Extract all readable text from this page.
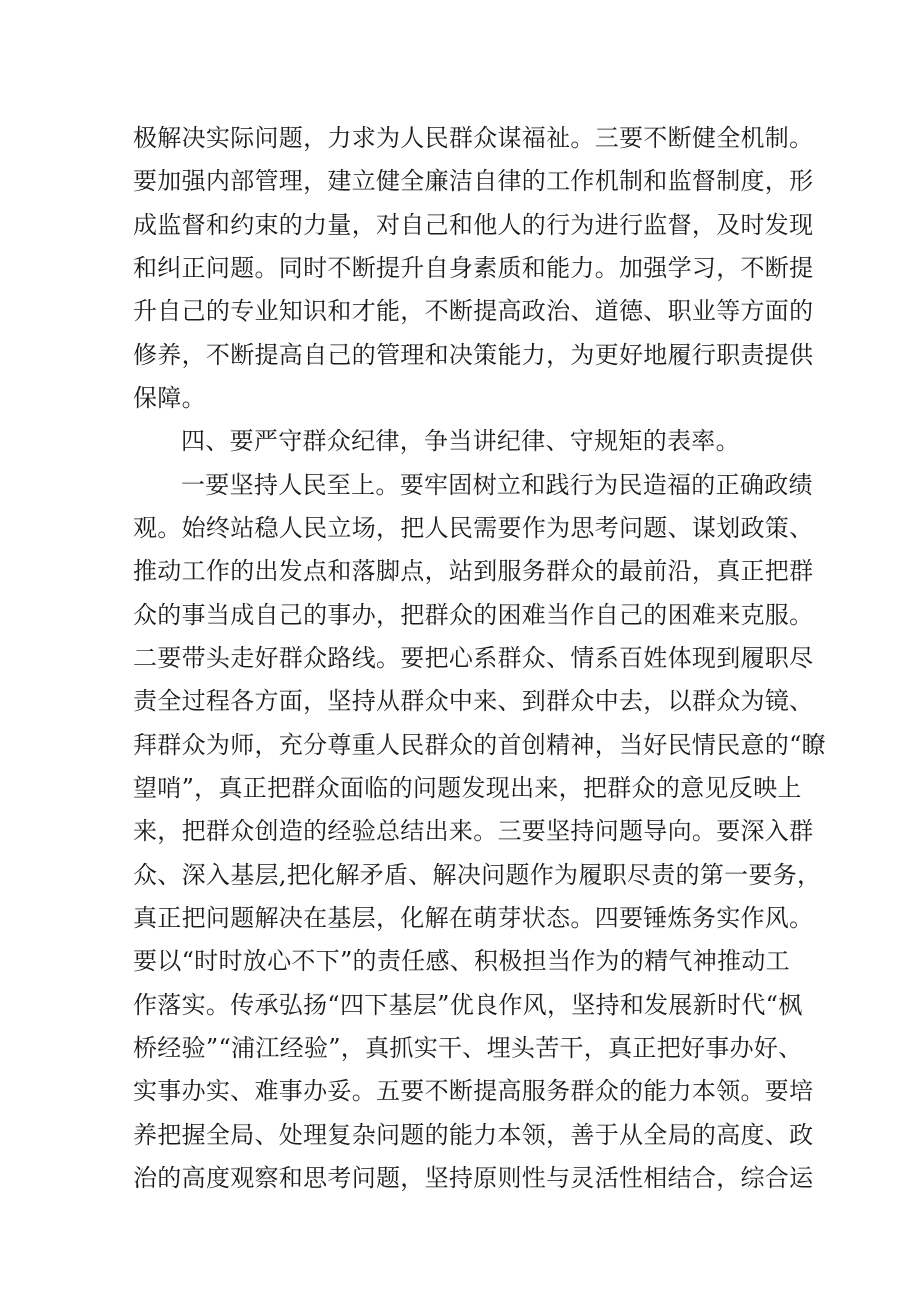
极解决实际问题，力求为人民群众谋福祉。三要不断健全机制。
要加强内部管理，建立健全廉洁自律的工作机制和监督制度，形
成监督和约束的力量，对自己和他人的行为进行监督，及时发现
和纠正问题。同时不断提升自身素质和能力。加强学习，不断提
升自己的专业知识和才能，不断提高政治、道德、职业等方面的
修养，不断提高自己的管理和决策能力，为更好地履行职责提供
保障。
四、要严守群众纪律，争当讲纪律、守规矩的表率。
一要坚持人民至上。要牢固树立和践行为民造福的正确政绩
观。始终站稳人民立场，把人民需要作为思考问题、谋划政策、
推动工作的出发点和落脚点，站到服务群众的最前沿，真正把群
众的事当成自己的事办，把群众的困难当作自己的困难来克服。
二要带头走好群众路线。要把心系群众、情系百姓体现到履职尽
责全过程各方面，坚持从群众中来、到群众中去，以群众为镜、
拜群众为师，充分尊重人民群众的首创精神，当好民情民意的“瞭
望哨”，真正把群众面临的问题发现出来，把群众的意见反映上
来，把群众创造的经验总结出来。三要坚持问题导向。要深入群
众、深入基层,把化解矛盾、解决问题作为履职尽责的第一要务，
真正把问题解决在基层，化解在萌芽状态。四要锤炼务实作风。
要以“时时放心不下”的责任感、积极担当作为的精气神推动工
作落实。传承弘扬“四下基层”优良作风，坚持和发展新时代“枫
桥经验”“浦江经验”，真抓实干、埋头苦干，真正把好事办好、
实事办实、难事办妥。五要不断提高服务群众的能力本领。要培
养把握全局、处理复杂问题的能力本领，善于从全局的高度、政
治的高度观察和思考问题，坚持原则性与灵活性相结合，综合运
